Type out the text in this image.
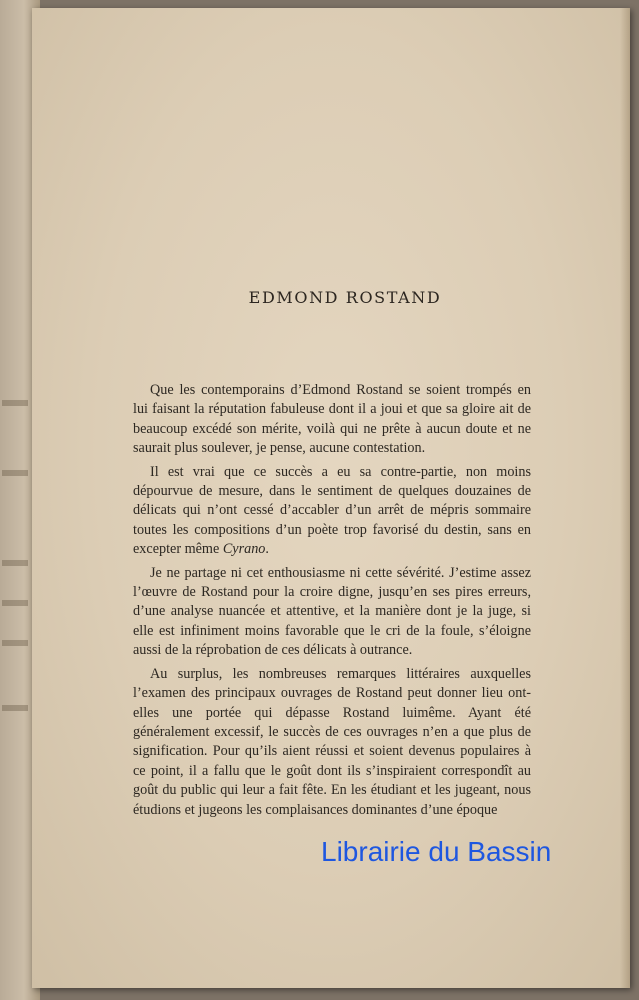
EDMOND ROSTAND

Que les contemporains d’Edmond Rostand se soient trompés en lui faisant la réputation fabuleuse dont il a joui et que sa gloire ait de beaucoup excédé son mérite, voilà qui ne prête à aucun doute et ne saurait plus soulever, je pense, aucune contestation.

Il est vrai que ce succès a eu sa contre-partie, non moins dépourvue de mesure, dans le sentiment de quelques douzaines de délicats qui n’ont cessé d’accabler d’un arrêt de mépris sommaire toutes les compositions d’un poète trop favorisé du destin, sans en excepter même Cyrano.

Je ne partage ni cet enthousiasme ni cette sévérité. J’estime assez l’œuvre de Rostand pour la croire digne, jusqu’en ses pires erreurs, d’une analyse nuancée et attentive, et la manière dont je la juge, si elle est infiniment moins favorable que le cri de la foule, s’éloigne aussi de la réprobation de ces délicats à outrance.

Au surplus, les nombreuses remarques littéraires auxquelles l’examen des principaux ouvrages de Rostand peut donner lieu ont-elles une portée qui dépasse Rostand luimême. Ayant été généralement excessif, le succès de ces ouvrages n’en a que plus de signification. Pour qu’ils aient réussi et soient devenus populaires à ce point, il a fallu que le goût dont ils s’inspiraient correspondît au goût du public qui leur a fait fête. En les étudiant et les jugeant, nous étudions et jugeons les complaisances dominantes d’une époque

Librairie du Bassin
